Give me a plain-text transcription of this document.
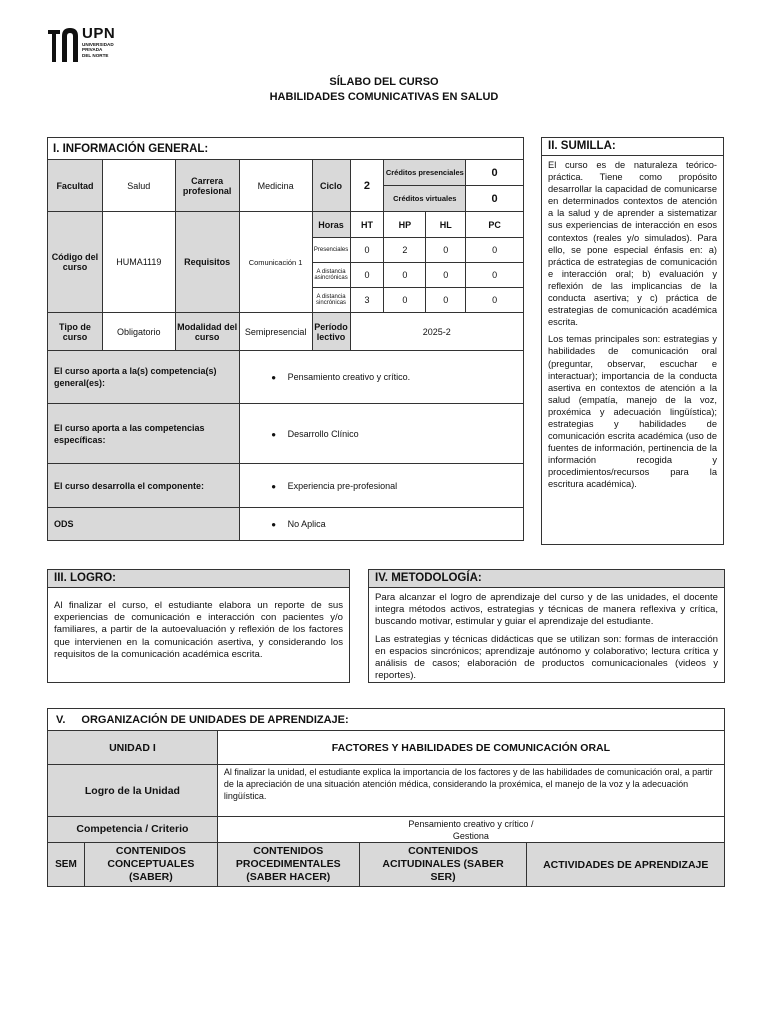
UPN
UNIVERSIDAD
PRIVADA
DEL NORTE
SÍLABO DEL CURSO
HABILIDADES COMUNICATIVAS EN SALUD
I. INFORMACIÓN GENERAL:								
Facultad	Salud	Carrera profesional	Medicina	Ciclo	2	Créditos presenciales		0
						Créditos virtuales		0
Código del curso	HUMA1119	Requisitos	Comunicación 1	Horas	HT	HP	HL	PC
				Presenciales	0	2	0	0
				A distancia asincrónicas	0	0	0	0
				A distancia sincrónicas	3	0	0	0
Tipo de curso	Obligatorio	Modalidad del curso	Semipresencial	Período lectivo	2025-2			
El curso aporta a la(s) competencia(s) general(es):			● Pensamiento creativo y crítico.					
El curso aporta a las competencias específicas:			● Desarrollo Clínico					
El curso desarrolla el componente:			● Experiencia pre-profesional					
ODS			● No Aplica					
II. SUMILLA:

El curso es de naturaleza teórico-práctica. Tiene como propósito desarrollar la capacidad de comunicarse en determinados contextos de atención a la salud y de aprender a sistematizar sus experiencias de interacción en esos contextos (reales y/o simulados). Para ello, se pone especial énfasis en: a) práctica de estrategias de comunicación e interacción oral; b) evaluación y reflexión de las implicancias de la conducta asertiva; y c) práctica de estrategias de comunicación académica escrita.

Los temas principales son: estrategias y habilidades de comunicación oral (preguntar, observar, escuchar e interactuar); importancia de la conducta asertiva en contextos de atención a la salud (empatía, manejo de la voz, proxémica y adecuación lingüística); estrategias y habilidades de comunicación escrita académica (uso de fuentes de información, pertinencia de la información recogida y procedimientos/recursos para la escritura académica).

III. LOGRO:
Al finalizar el curso, el estudiante elabora un reporte de sus experiencias de comunicación e interacción con pacientes y/o familiares, a partir de la autoevaluación y reflexión de los factores que intervienen en la comunicación asertiva, y considerando los requisitos de la comunicación académica escrita.
IV. METODOLOGÍA:

Para alcanzar el logro de aprendizaje del curso y de las unidades, el docente integra métodos activos, estrategias y técnicas de manera reflexiva y crítica, buscando motivar, estimular y guiar el aprendizaje del estudiante.

Las estrategias y técnicas didácticas que se utilizan son: formas de interacción en espacios sincrónicos; aprendizaje autónomo y colaborativo; lectura crítica y análisis de casos; elaboración de productos comunicacionales (videos y reportes).

V. ORGANIZACIÓN DE UNIDADES DE APRENDIZAJE:				
UNIDAD I		FACTORES Y HABILIDADES DE COMUNICACIÓN ORAL		
Logro de la Unidad		Al finalizar la unidad, el estudiante explica la importancia de los factores y de las habilidades de comunicación oral, a partir de la apreciación de una situación atención médica, considerando la proxémica, el manejo de la voz y la adecuación lingüística.		
Competencia / Criterio		Pensamiento creativo y crítico /
Gestiona		

SEM	CONTENIDOS CONCEPTUALES (SABER)	CONTENIDOS PROCEDIMENTALES (SABER HACER)	CONTENIDOS ACITUDINALES (SABER SER)	ACTIVIDADES DE APRENDIZAJE
